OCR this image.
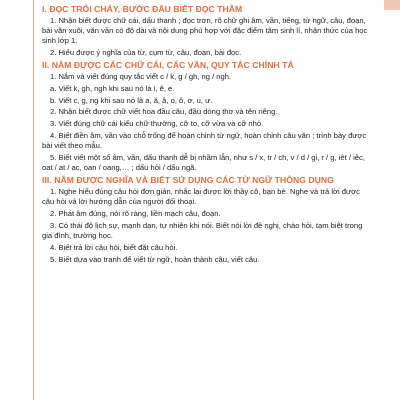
I. ĐỌC TRÔI CHẢY, BƯỚC ĐẦU BIẾT ĐỌC THẦM

1. Nhận biết được chữ cái, dấu thanh ; đọc trơn, rõ chữ ghi âm, vần, tiếng, từ ngữ, câu, đoạn, bài văn xuôi, văn vần có độ dài và nội dung phù hợp với đặc điểm tâm sinh lí, nhận thức của học sinh lớp 1.

2. Hiểu được ý nghĩa của từ, cụm từ, câu, đoạn, bài đọc.

II. NẮM ĐƯỢC CÁC CHỮ CÁI, CÁC VẦN, QUY TẮC CHÍNH TẢ

1. Nắm và viết đúng quy tắc viết c / k, g / gh, ng / ngh.

a. Viết k, gh, ngh khi sau nó là i, ê, e.

b. Viết c, g, ng khi sau nó là a, ă, â, o, ô, ơ, u, ư.

2. Nhận biết được chữ viết hoa đầu câu, đầu dòng thơ và tên riêng.

3. Viết đúng chữ cái kiểu chữ thường, cỡ to, cỡ vừa và cỡ nhỏ.

4. Biết điền âm, vần vào chỗ trống để hoàn chỉnh từ ngữ, hoàn chỉnh câu văn ; trình bày được bài viết theo mẫu.

5. Biết viết một số âm, vần, dấu thanh dễ bị nhầm lẫn, như s / x, tr / ch, v / d / gi, r / g, iêt / iêc, oat / at / ac, oan / oang,… ; dấu hỏi / dấu ngã.

III. NẮM ĐƯỢC NGHĨA VÀ BIẾT SỬ DỤNG CÁC TỪ NGỮ THÔNG DỤNG

1. Nghe hiểu đúng câu hỏi đơn giản, nhắc lại được lời thầy cô, bạn bè. Nghe và trả lời được câu hỏi và lời hướng dẫn của người đối thoại.

2. Phát âm đúng, nói rõ ràng, liền mạch câu, đoạn.

3. Có thái độ lịch sự, mạnh dạn, tự nhiên khi nói. Biết nói lời đề nghị, chào hỏi, tạm biệt trong gia đình, trường học.

4. Biết trả lời câu hỏi, biết đặt câu hỏi.

5. Biết dựa vào tranh để viết từ ngữ, hoàn thành câu, viết câu.
